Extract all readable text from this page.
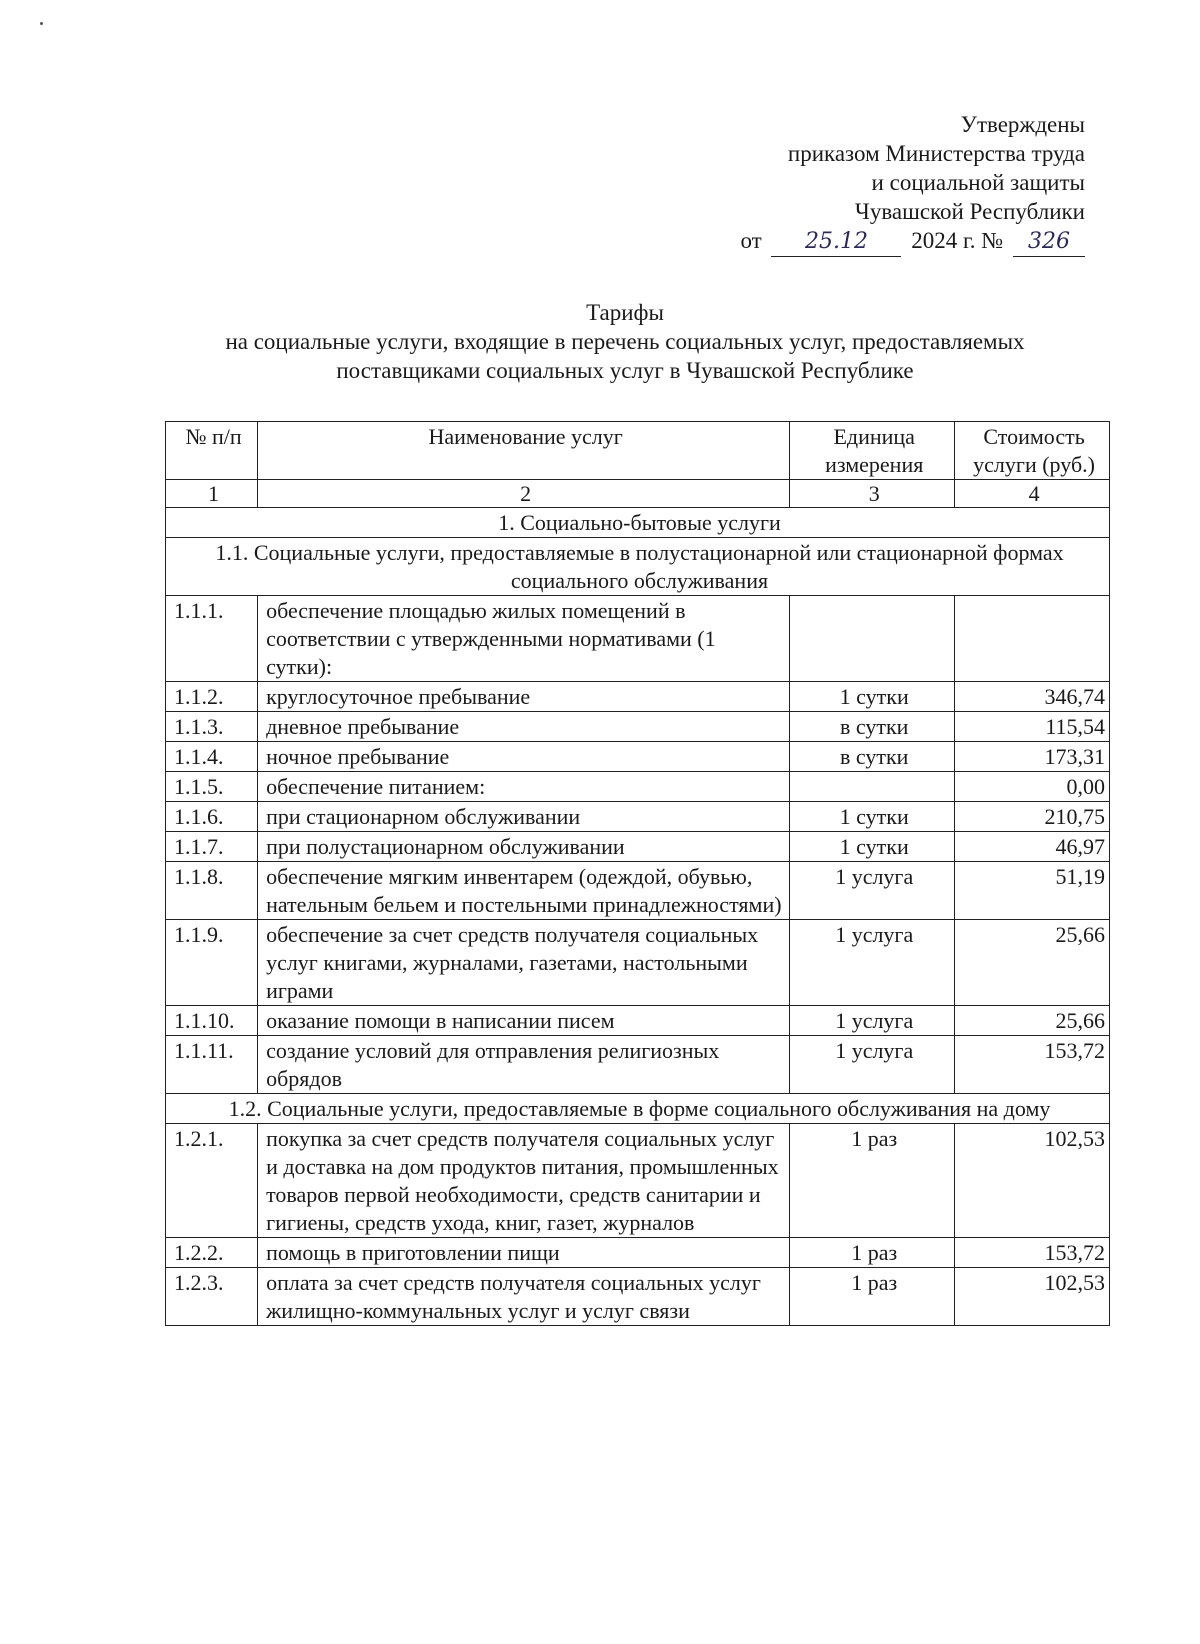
Утверждены
приказом Министерства труда
и социальной защиты
Чувашской Республики
от 25.12 2024 г. № 326
Тарифы
на социальные услуги, входящие в перечень социальных услуг, предоставляемых
поставщиками социальных услуг в Чувашской Республике
№ п/п	Наименование услуг	Единица измерения	Стоимость услуги (руб.)
1	2	3	4
1. Социально-бытовые услуги			
1.1. Социальные услуги, предоставляемые в полустационарной или стационарной формах социального обслуживания			
1.1.1.	обеспечение площадью жилых помещений в соответствии с утвержденными нормативами (1 сутки):		
1.1.2.	круглосуточное пребывание	1 сутки	346,74
1.1.3.	дневное пребывание	в сутки	115,54
1.1.4.	ночное пребывание	в сутки	173,31
1.1.5.	обеспечение питанием:		0,00
1.1.6.	при стационарном обслуживании	1 сутки	210,75
1.1.7.	при полустационарном обслуживании	1 сутки	46,97
1.1.8.	обеспечение мягким инвентарем (одеждой, обувью, нательным бельем и постельными принадлежностями)	1 услуга	51,19
1.1.9.	обеспечение за счет средств получателя социальных услуг книгами, журналами, газетами, настольными играми	1 услуга	25,66
1.1.10.	оказание помощи в написании писем	1 услуга	25,66
1.1.11.	создание условий для отправления религиозных обрядов	1 услуга	153,72
1.2. Социальные услуги, предоставляемые в форме социального обслуживания на дому			
1.2.1.	покупка за счет средств получателя социальных услуг и доставка на дом продуктов питания, промышленных товаров первой необходимости, средств санитарии и гигиены, средств ухода, книг, газет, журналов	1 раз	102,53
1.2.2.	помощь в приготовлении пищи	1 раз	153,72
1.2.3.	оплата за счет средств получателя социальных услуг жилищно-коммунальных услуг и услуг связи	1 раз	102,53
